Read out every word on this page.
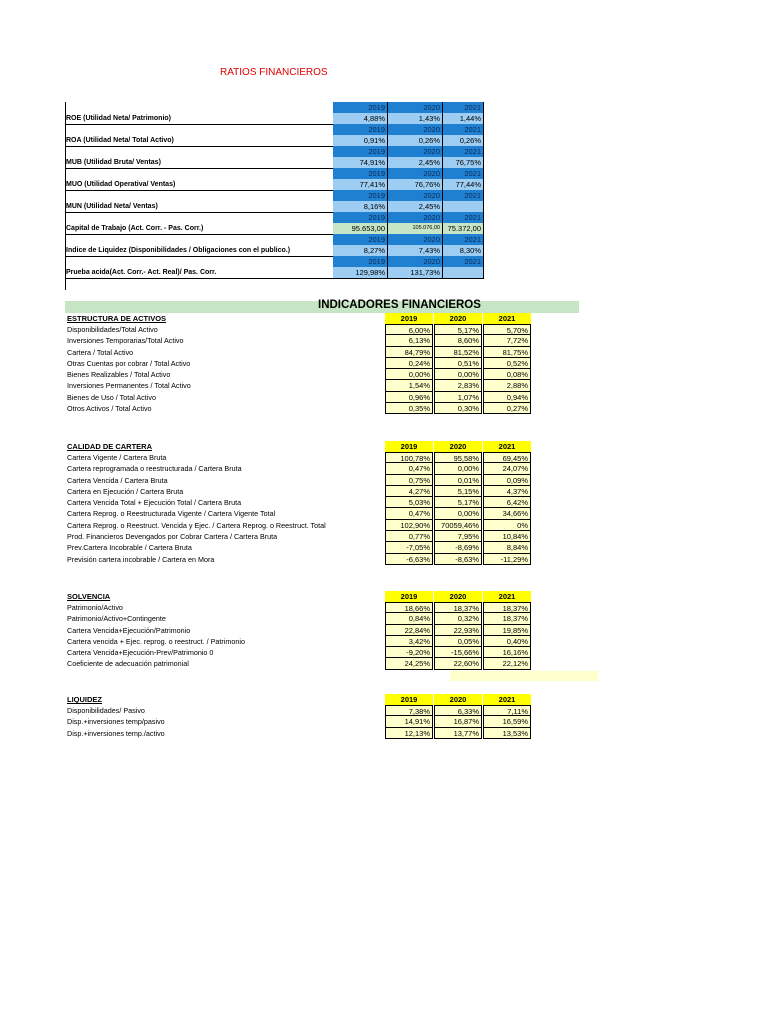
RATIOS FINANCIEROS
2019	2020	2021
ROE (Utilidad Neta/ Patrimonio)	4,88%	1,43%	1,44%
2019	2020	2021
ROA (Utilidad Neta/ Total Activo)	0,91%	0,26%	0,26%
2019	2020	2021
MUB (Utilidad Bruta/ Ventas)	74,91%	2,45%	76,75%
2019	2020	2021
MUO (Utilidad Operativa/ Ventas)	77,41%	76,76%	77,44%
2019	2020	2021
MUN (Utilidad Neta/ Ventas)	8,16%	2,45%
2019	2020	2021
Capital de Trabajo (Act. Corr. - Pas. Corr.)	95.653,00	105.076,00	75.372,00
2019	2020	2021
Indice de Liquidez (Disponibilidades / Obligaciones con el publico.)	8,27%	7,43%	8,30%
2019	2020	2021
Prueba acida(Act. Corr.- Act. Real)/ Pas. Corr.	129,98%	131,73%
INDICADORES FINANCIEROS
ESTRUCTURA DE ACTIVOS	2019	2020	2021
Disponibilidades/Total Activo	6,00%	5,17%	5,70%
Inversiones Temporarias/Total Activo	6,13%	8,60%	7,72%
Cartera / Total Activo	84,79%	81,52%	81,75%
Otras Cuentas por cobrar / Total Activo	0,24%	0,51%	0,52%
Bienes Realizables / Total Activo	0,00%	0,00%	0,08%
Inversiones Permanentes / Total Activo	1,54%	2,83%	2,88%
Bienes de Uso / Total Activo	0,96%	1,07%	0,94%
Otros Activos / Total Activo	0,35%	0,30%	0,27%
CALIDAD DE CARTERA	2019	2020	2021
Cartera Vigente / Cartera Bruta	100,78%	95,58%	69,45%
Cartera reprogramada o reestructurada / Cartera Bruta	0,47%	0,00%	24,07%
Cartera Vencida / Cartera Bruta	0,75%	0,01%	0,09%
Cartera en Ejecución / Cartera Bruta	4,27%	5,15%	4,37%
Cartera Vencida Total + Ejecución Total / Cartera Bruta	5,03%	5,17%	6,42%
Cartera Reprog. o Reestructurada Vigente / Cartera Vigente Total	0,47%	0,00%	34,66%
Cartera Reprog. o Reestruct. Vencida y Ejec. / Cartera Reprog. o Reestruct. Total	102,90%	70059,46%	0%
Prod. Financieros Devengados por Cobrar Cartera / Cartera Bruta	0,77%	7,95%	10,84%
Prev.Cartera Incobrable / Cartera Bruta	-7,05%	-8,69%	8,84%
Previsión cartera incobrable / Cartera en Mora	-6,63%	-8,63%	-11,29%
SOLVENCIA	2019	2020	2021
Patrimonio/Activo	18,66%	18,37%	18,37%
Patrimonio/Activo+Contingente	0,84%	0,32%	18,37%
Cartera Vencida+Ejecución/Patrimonio	22,84%	22,93%	19,85%
Cartera vencida + Ejec. reprog. o reestruct. / Patrimonio	3,42%	0,05%	0,40%
Cartera Vencida+Ejecución-Prev/Patrimonio 0	-9,20%	-15,66%	16,16%
Coeficiente de adecuación patrimonial	24,25%	22,60%	22,12%
LIQUIDEZ	2019	2020	2021
Disponibilidades/ Pasivo	7,38%	6,33%	7,11%
Disp.+inversiones temp/pasivo	14,91%	16,87%	16,59%
Disp.+inversiones temp./activo	12,13%	13,77%	13,53%
